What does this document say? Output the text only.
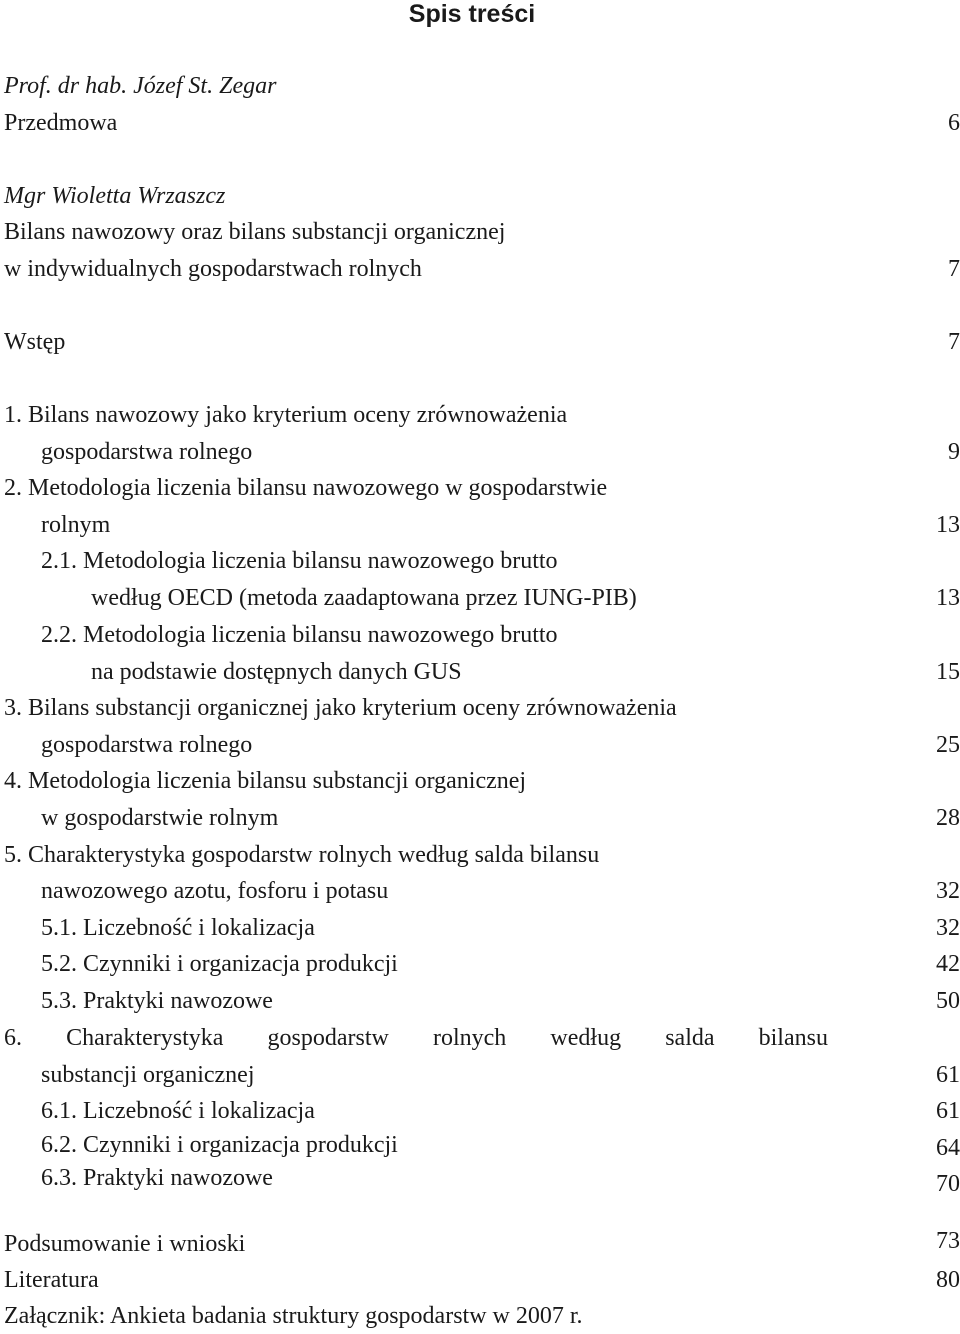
Spis treści
Prof. dr hab. Józef St. Zegar
Przedmowa	6
Mgr Wioletta Wrzaszcz
Bilans nawozowy oraz bilans substancji organicznej
w indywidualnych gospodarstwach rolnych	7
Wstęp	7
1. Bilans nawozowy jako kryterium oceny zrównoważenia
gospodarstwa rolnego	9
2. Metodologia liczenia bilansu nawozowego w gospodarstwie
rolnym	13
2.1. Metodologia liczenia bilansu nawozowego brutto
według OECD (metoda zaadaptowana przez IUNG-PIB)	13
2.2. Metodologia liczenia bilansu nawozowego brutto
na podstawie dostępnych danych GUS	15
3. Bilans substancji organicznej jako kryterium oceny zrównoważenia
gospodarstwa rolnego	25
4. Metodologia liczenia bilansu substancji organicznej
w gospodarstwie rolnym	28
5. Charakterystyka gospodarstw rolnych według salda bilansu
nawozowego azotu, fosforu i potasu	32
5.1. Liczebność i lokalizacja	32
5.2. Czynniki i organizacja produkcji	42
5.3. Praktyki nawozowe	50
6. Charakterystyka gospodarstw rolnych według salda bilansu
substancji organicznej	61
6.1. Liczebność i lokalizacja	61
6.2. Czynniki i organizacja produkcji	64
6.3. Praktyki nawozowe	70
Podsumowanie i wnioski	73
Literatura	80
Załącznik: Ankieta badania struktury gospodarstw w 2007 r.
